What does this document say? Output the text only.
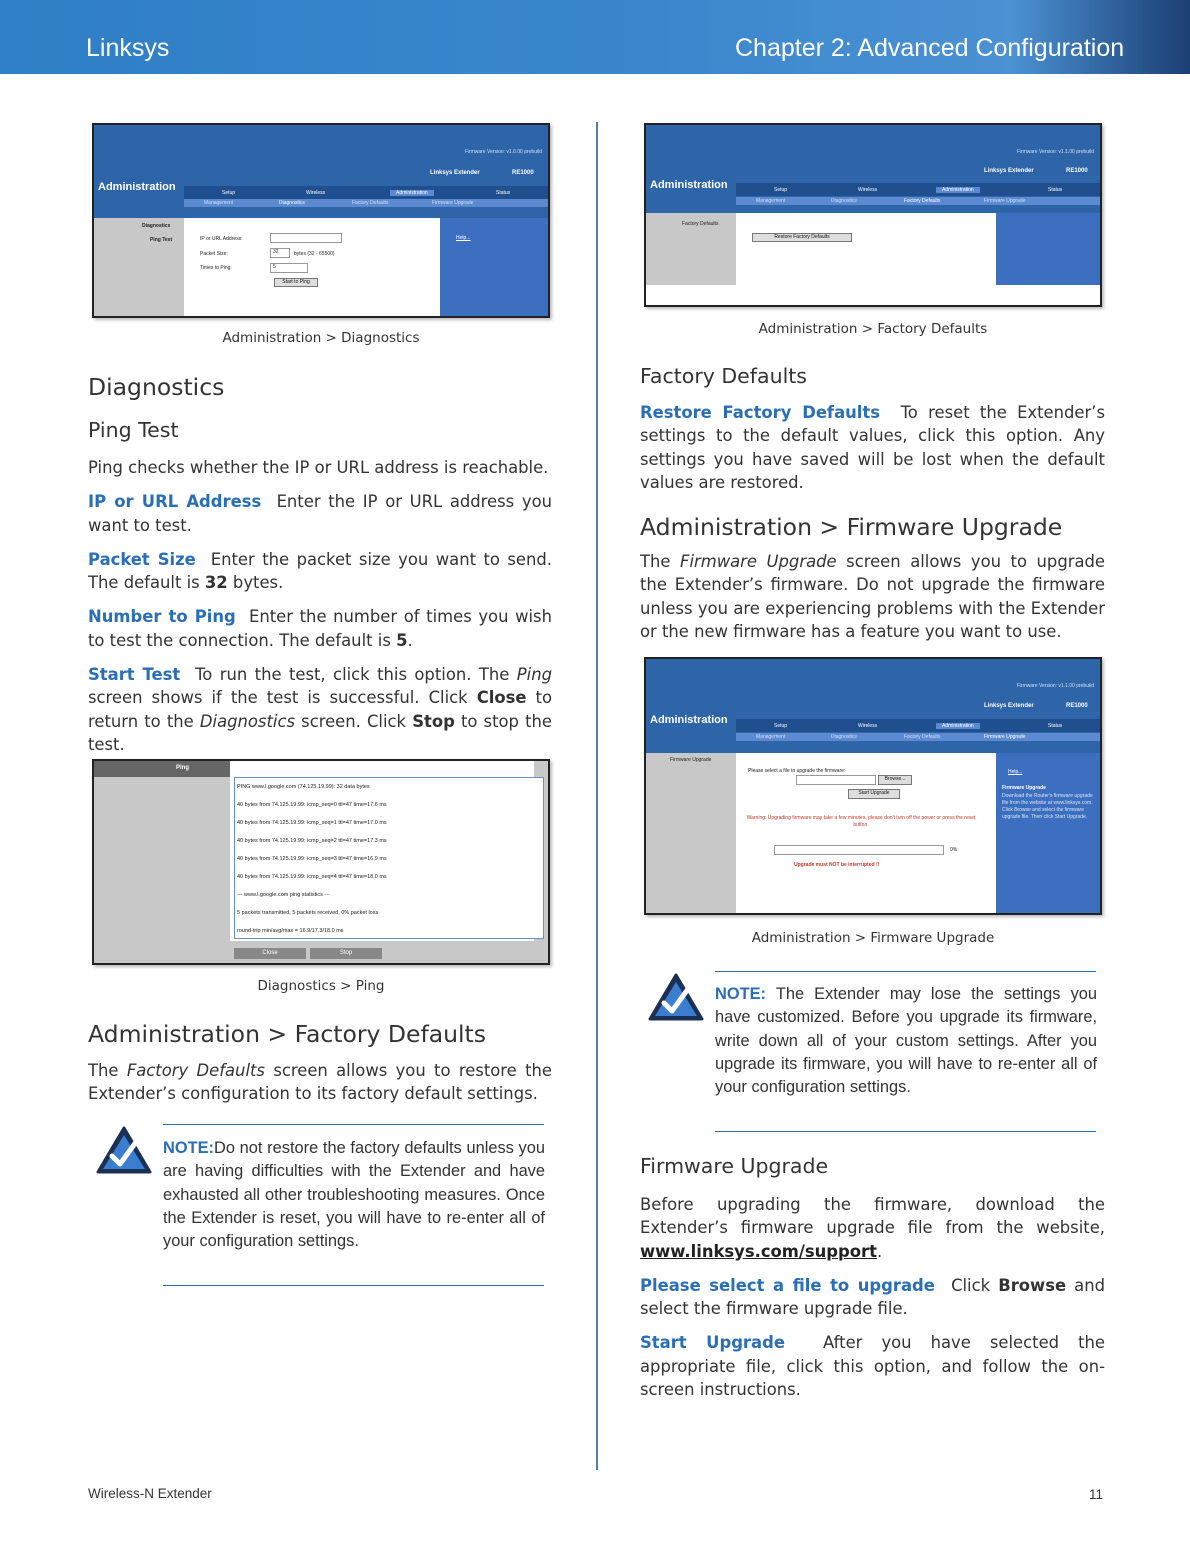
Linksys	Chapter 2: Advanced Configuration
Firmware Version: v1.0.00 prebuild
Administration
Linksys Extender	RE1000
Setup	Wireless	Administration	Status
Management	Diagnostics	Factory Defaults	Firmware Upgrade
Diagnostics
Ping Test	Help...
IP or URL Address:
Packet Size:	32	bytes (32 - 65500)
Times to Ping:	5
Start to Ping
Administration > Diagnostics
Diagnostics
Ping Test

Ping checks whether the IP or URL address is reachable.

IP or URL Address Enter the IP or URL address you want to test.

Packet Size Enter the packet size you want to send. The default is 32 bytes.

Number to Ping Enter the number of times you wish to test the connection. The default is 5.

Start Test To run the test, click this option. The Ping screen shows if the test is successful. Click Close to return to the Diagnostics screen. Click Stop to stop the test.

Ping
PING www.l.google.com (74.125.19.99): 32 data bytes
40 bytes from 74.125.19.99: icmp_seq=0 ttl=47 time=17.6 ms
40 bytes from 74.125.19.99: icmp_seq=1 ttl=47 time=17.0 ms
40 bytes from 74.125.19.99: icmp_seq=2 ttl=47 time=17.3 ms
40 bytes from 74.125.19.99: icmp_seq=3 ttl=47 time=16.9 ms
40 bytes from 74.125.19.99: icmp_seq=4 ttl=47 time=18.0 ms
--- www.l.google.com ping statistics ---
5 packets transmitted, 5 packets received, 0% packet loss
round-trip min/avg/max = 16.9/17.3/18.0 ms
Close	Stop
Diagnostics > Ping
Administration > Factory Defaults

The Factory Defaults screen allows you to restore the Extender’s configuration to its factory default settings.

NOTE:Do not restore the factory defaults unless you are having difficulties with the Extender and have exhausted all other troubleshooting measures. Once the Extender is reset, you will have to re-enter all of your configuration settings.

Firmware Version: v1.1.00 prebuild
Administration
Linksys Extender	RE1000
Setup	Wireless	Administration	Status
Management	Diagnostics	Factory Defaults	Firmware Upgrade
Factory Defaults
Restore Factory Defaults
Administration > Factory Defaults
Factory Defaults

Restore Factory Defaults To reset the Extender’s settings to the default values, click this option. Any settings you have saved will be lost when the default values are restored.

Administration > Firmware Upgrade

The Firmware Upgrade screen allows you to upgrade the Extender’s firmware. Do not upgrade the firmware unless you are experiencing problems with the Extender or the new firmware has a feature you want to use.

Firmware Version: v1.1.00 prebuild
Administration
Linksys Extender	RE1000
Setup	Wireless	Administration	Status
Management	Diagnostics	Factory Defaults	Firmware Upgrade
Firmware Upgrade
Help...
Firmware Upgrade
Download the Router's firmware upgrade file from the website at www.linksys.com. Click Browse and select the firmware upgrade file. Then click Start Upgrade.
Please select a file to upgrade the firmware:
Browse...
Start Upgrade
Warning: Upgrading firmware may take a few minutes, please don't turn off the power or press the reset button.
0%
Upgrade must NOT be interrupted !!
Administration > Firmware Upgrade

NOTE: The Extender may lose the settings you have customized. Before you upgrade its firmware, write down all of your custom settings. After you upgrade its firmware, you will have to re-enter all of your configuration settings.

Firmware Upgrade

Before upgrading the firmware, download the Extender’s firmware upgrade file from the website, www.linksys.com/support.

Please select a file to upgrade Click Browse and select the firmware upgrade file.

Start Upgrade After you have selected the appropriate file, click this option, and follow the on-screen instructions.

Wireless-N Extender	11
